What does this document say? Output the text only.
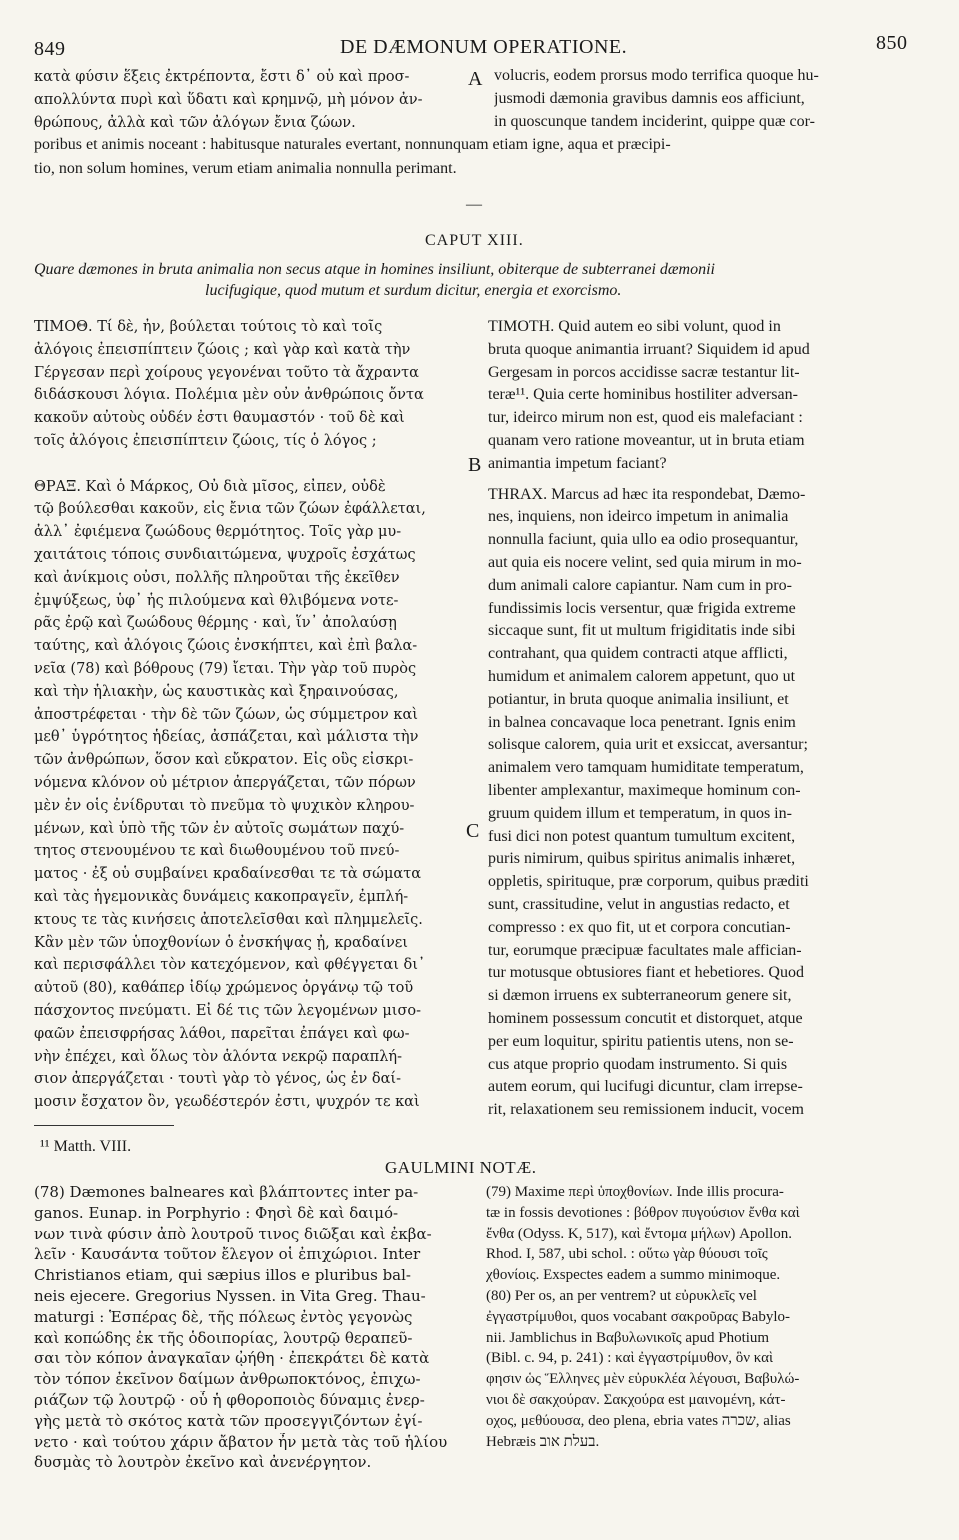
849	DE DÆMONUM OPERATIONE.	850
A
B
C
κατὰ φύσιν ἕξεις ἐκτρέποντα, ἔστι δ᾽ οὗ καὶ προσ-
απολλύντα πυρὶ καὶ ὕδατι καὶ κρημνῷ, μὴ μόνον ἀν-
θρώπους, ἀλλὰ καὶ τῶν ἀλόγων ἔνια ζώων.
volucris, eodem prorsus modo terrifica quoque hu-
jusmodi dæmonia gravibus damnis eos afficiunt,
in quoscunque tandem inciderint, quippe quæ cor-
poribus et animis noceant : habitusque naturales evertant, nonnunquam etiam igne, aqua et præcipi-
tio, non solum homines, verum etiam animalia nonnulla perimant.
—
CAPUT XIII.
Quare dæmones in bruta animalia non secus atque in homines insiliunt, obiterque de subterranei dæmonii
lucifugique, quod mutum et surdum dicitur, energia et exorcismo.
ΤΙΜΟΘ. Τί δὲ, ἦν, βούλεται τούτοις τὸ καὶ τοῖς
ἀλόγοις ἐπεισπίπτειν ζώοις ; καὶ γὰρ καὶ κατὰ τὴν
Γέργεσαν περὶ χοίρους γεγονέναι τοῦτο τὰ ἄχραντα
διδάσκουσι λόγια. Πολέμια μὲν οὖν ἀνθρώποις ὄντα
κακοῦν αὐτοὺς οὐδέν ἐστι θαυμαστόν · τοῦ δὲ καὶ
τοῖς ἀλόγοις ἐπεισπίπτειν ζώοις, τίς ὁ λόγος ;
ΘΡΑΞ. Καὶ ὁ Μάρκος, Οὐ διὰ μῖσος, εἶπεν, οὐδὲ
τῷ βούλεσθαι κακοῦν, εἰς ἔνια τῶν ζώων ἐφάλλεται,
ἀλλ᾽ ἐφιέμενα ζωώδους θερμότητος. Τοῖς γὰρ μυ-
χαιτάτοις τόποις συνδιαιτώμενα, ψυχροῖς ἐσχάτως
καὶ ἀνίκμοις οὖσι, πολλῆς πληροῦται τῆς ἐκεῖθεν
ἐμψύξεως, ὑφ᾽ ἧς πιλούμενα καὶ θλιβόμενα νοτε-
ρᾶς ἐρῷ καὶ ζωώδους θέρμης · καὶ, ἵν᾽ ἀπολαύσῃ
ταύτης, καὶ ἀλόγοις ζώοις ἐνσκήπτει, καὶ ἐπὶ βαλα-
νεῖα (78) καὶ βόθρους (79) ἴεται. Τὴν γὰρ τοῦ πυρὸς
καὶ τὴν ἡλιακὴν, ὡς καυστικὰς καὶ ξηραινούσας,
ἀποστρέφεται · τὴν δὲ τῶν ζώων, ὡς σύμμετρον καὶ
μεθ᾽ ὑγρότητος ἡδείας, ἀσπάζεται, καὶ μάλιστα τὴν
τῶν ἀνθρώπων, ὅσον καὶ εὔκρατον. Εἰς οὓς εἰσκρι-
νόμενα κλόνον οὐ μέτριον ἀπεργάζεται, τῶν πόρων
μὲν ἐν οἷς ἐνίδρυται τὸ πνεῦμα τὸ ψυχικὸν κληρου-
μένων, καὶ ὑπὸ τῆς τῶν ἐν αὐτοῖς σωμάτων παχύ-
τητος στενουμένου τε καὶ διωθουμένου τοῦ πνεύ-
ματος · ἐξ οὗ συμβαίνει κραδαίνεσθαι τε τὰ σώματα
καὶ τὰς ἡγεμονικὰς δυνάμεις κακοπραγεῖν, ἐμπλή-
κτους τε τὰς κινήσεις ἀποτελεῖσθαι καὶ πλημμελεῖς.
Κἂν μὲν τῶν ὑποχθονίων ὁ ἐνσκήψας ᾖ, κραδαίνει
καὶ περισφάλλει τὸν κατεχόμενον, καὶ φθέγγεται δι᾽
αὐτοῦ (80), καθάπερ ἰδίῳ χρώμενος ὀργάνῳ τῷ τοῦ
πάσχοντος πνεύματι. Εἰ δέ τις τῶν λεγομένων μισο-
φαῶν ἐπεισφρήσας λάθοι, παρεῖται ἐπάγει καὶ φω-
νὴν ἐπέχει, καὶ ὅλως τὸν ἁλόντα νεκρῷ παραπλή-
σιον ἀπεργάζεται · τουτὶ γὰρ τὸ γένος, ὡς ἐν δαί-
μοσιν ἔσχατον ὂν, γεωδέστερόν ἐστι, ψυχρόν τε καὶ
TIMOTH. Quid autem eo sibi volunt, quod in
bruta quoque animantia irruant? Siquidem id apud
Gergesam in porcos accidisse sacræ testantur lit-
teræ¹¹. Quia certe hominibus hostiliter adversan-
tur, ideirco mirum non est, quod eis malefaciant :
quanam vero ratione moveantur, ut in bruta etiam
animantia impetum faciant?
THRAX. Marcus ad hæc ita respondebat, Dæmo-
nes, inquiens, non ideirco impetum in animalia
nonnulla faciunt, quia ullo ea odio prosequantur,
aut quia eis nocere velint, sed quia mirum in mo-
dum animali calore capiantur. Nam cum in pro-
fundissimis locis versentur, quæ frigida extreme
siccaque sunt, fit ut multum frigiditatis inde sibi
contrahant, qua quidem contracti atque afflicti,
humidum et animalem calorem appetunt, quo ut
potiantur, in bruta quoque animalia insiliunt, et
in balnea concavaque loca penetrant. Ignis enim
solisque calorem, quia urit et exsiccat, aversantur;
animalem vero tamquam humiditate temperatum,
libenter amplexantur, maximeque hominum con-
gruum quidem illum et temperatum, in quos in-
fusi dici non potest quantum tumultum excitent,
puris nimirum, quibus spiritus animalis inhæret,
oppletis, spirituque, præ corporum, quibus præditi
sunt, crassitudine, velut in angustias redacto, et
compresso : ex quo fit, ut et corpora concutian-
tur, eorumque præcipuæ facultates male affician-
tur motusque obtusiores fiant et hebetiores. Quod
si dæmon irruens ex subterraneorum genere sit,
hominem possessum concutit et distorquet, atque
per eum loquitur, spiritu patientis utens, non se-
cus atque proprio quodam instrumento. Si quis
autem eorum, qui lucifugi dicuntur, clam irrepse-
rit, relaxationem seu remissionem inducit, vocem
¹¹ Matth. VIII.
GAULMINI NOTÆ.
(78) Dæmones balneares καὶ βλάπτοντες inter pa-
ganos. Eunap. in Porphyrio : Φησὶ δὲ καὶ δαιμό-
νων τινὰ φύσιν ἀπὸ λουτροῦ τινος διῶξαι καὶ ἐκβα-
λεῖν · Καυσάντα τοῦτον ἔλεγον οἱ ἐπιχώριοι. Inter
Christianos etiam, qui sæpius illos e pluribus bal-
neis ejecere. Gregorius Nyssen. in Vita Greg. Thau-
maturgi : Ἑσπέρας δὲ, τῆς πόλεως ἐντὸς γεγονὼς
καὶ κοπώδης ἐκ τῆς ὁδοιπορίας, λουτρῷ θεραπεῦ-
σαι τὸν κόπον ἀναγκαῖαν ᾠήθη · ἐπεκράτει δὲ κατὰ
τὸν τόπον ἐκεῖνον δαίμων ἀνθρωποκτόνος, ἐπιχω-
ριάζων τῷ λουτρῷ · οὗ ἡ φθοροποιὸς δύναμις ἐνερ-
γὴς μετὰ τὸ σκότος κατὰ τῶν προσεγγιζόντων ἐγί-
νετο · καὶ τούτου χάριν ἄβατον ἦν μετὰ τὰς τοῦ ἡλίου
δυσμὰς τὸ λουτρὸν ἐκεῖνο καὶ ἀνενέργητον.
(79) Maxime περὶ ὑποχθονίων. Inde illis procura-
tæ in fossis devotiones : βόθρον πυγούσιον ἔνθα καὶ
ἔνθα (Odyss. K, 517), καὶ ἔντομα μήλων) Apollon.
Rhod. I, 587, ubi schol. : οὕτω γὰρ θύουσι τοῖς
χθονίοις. Exspectes eadem a summo minimoque.
(80) Per os, an per ventrem? ut εὐρυκλεῖς vel
ἐγγαστρίμυθοι, quos vocabant σακροῦρας Babylo-
nii. Jamblichus in Βαβυλωνικοῖς apud Photium
(Bibl. c. 94, p. 241) : καὶ ἐγγαστρίμυθον, ὃν καὶ
φησιν ὡς Ἕλληνες μὲν εὐρυκλέα λέγουσι, Βαβυλώ-
νιοι δὲ σακχούραν. Σακχούρα est μαινομένη, κάτ-
οχος, μεθύουσα, deo plena, ebria vates שכרה, alias
Hebræis בעלת אוב.
